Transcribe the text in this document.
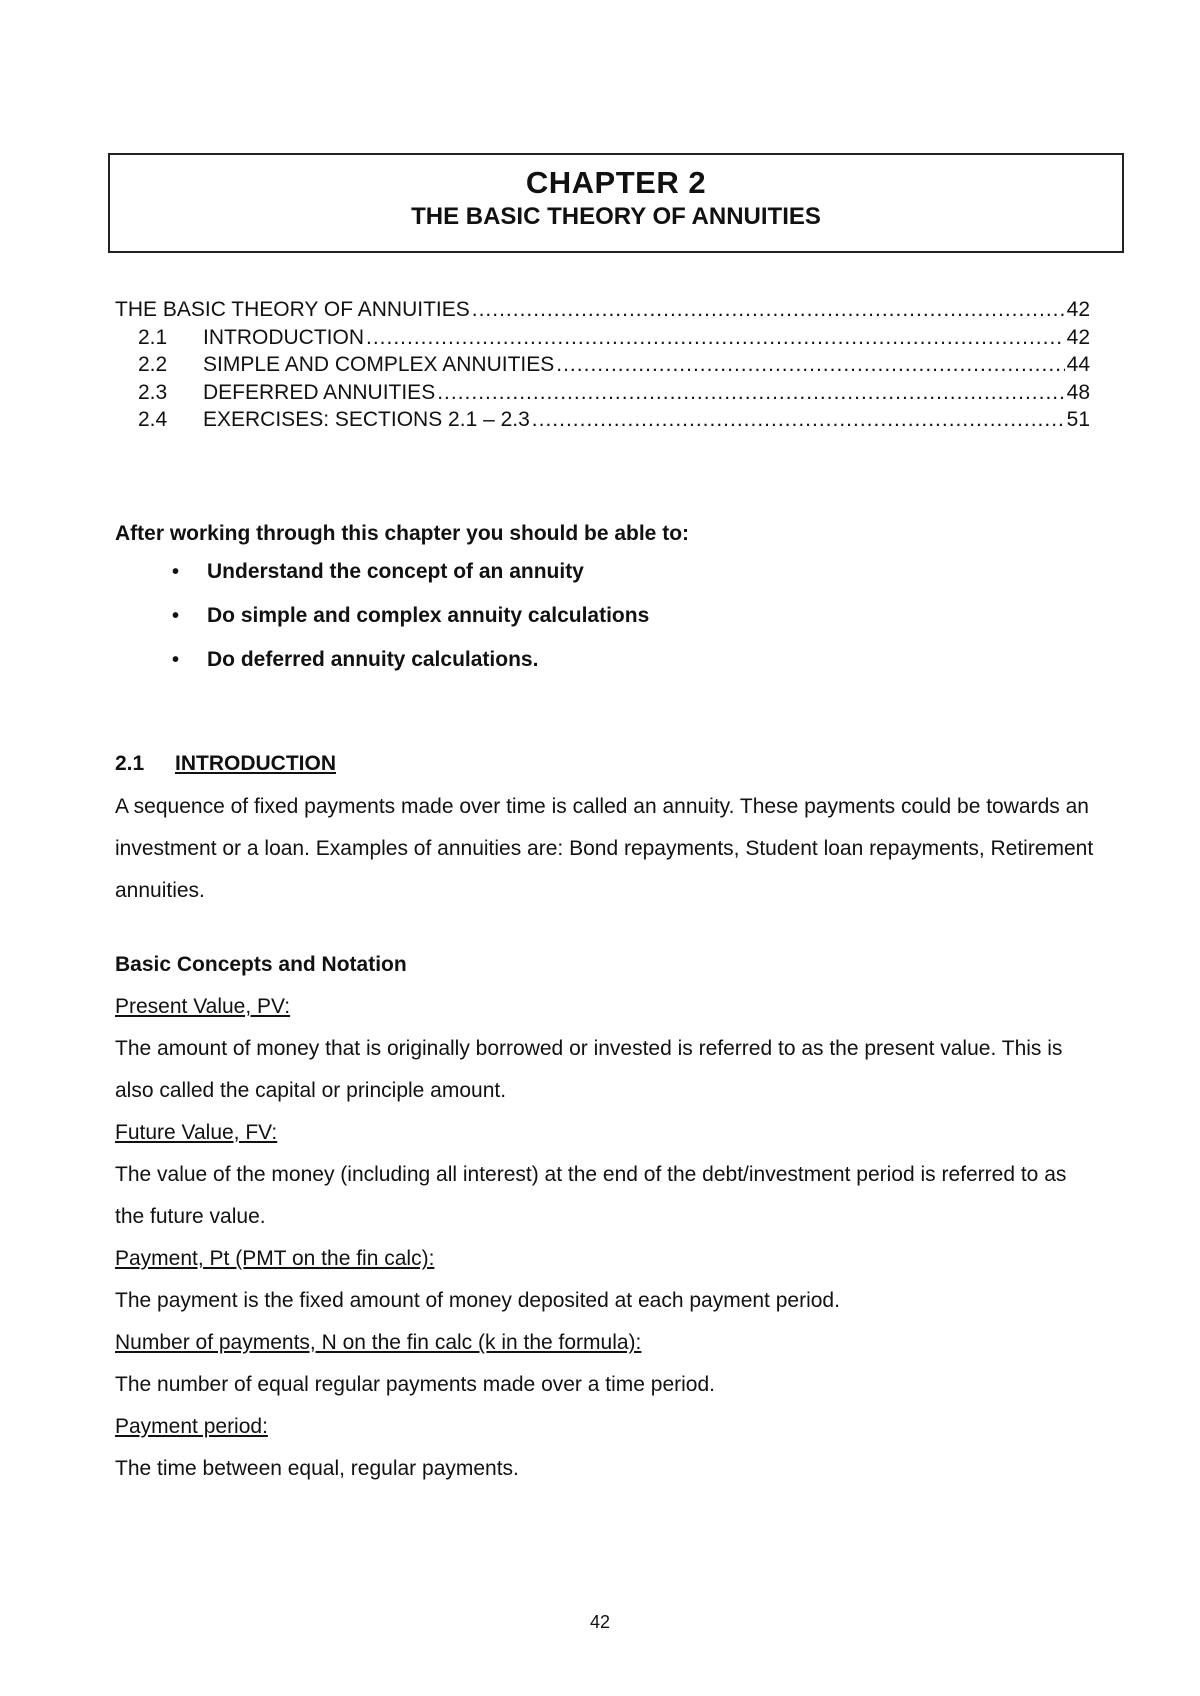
CHAPTER 2
THE BASIC THEORY OF ANNUITIES
THE BASIC THEORY OF ANNUITIES .....	42
2.1	INTRODUCTION .....	42
2.2	SIMPLE AND COMPLEX ANNUITIES .....	44
2.3	DEFERRED ANNUITIES .....	48
2.4	EXERCISES: SECTIONS 2.1 – 2.3 .....	51
After working through this chapter you should be able to:
• Understand the concept of an annuity
• Do simple and complex annuity calculations
• Do deferred annuity calculations.
2.1 INTRODUCTION

A sequence of fixed payments made over time is called an annuity. These payments could be towards an investment or a loan. Examples of annuities are: Bond repayments, Student loan repayments, Retirement annuities.

Basic Concepts and Notation
Present Value, PV:

The amount of money that is originally borrowed or invested is referred to as the present value. This is also called the capital or principle amount.

Future Value, FV:

The value of the money (including all interest) at the end of the debt/investment period is referred to as the future value.

Payment, Pt (PMT on the fin calc):

The payment is the fixed amount of money deposited at each payment period.

Number of payments, N on the fin calc (k in the formula):

The number of equal regular payments made over a time period.

Payment period:

The time between equal, regular payments.

42
